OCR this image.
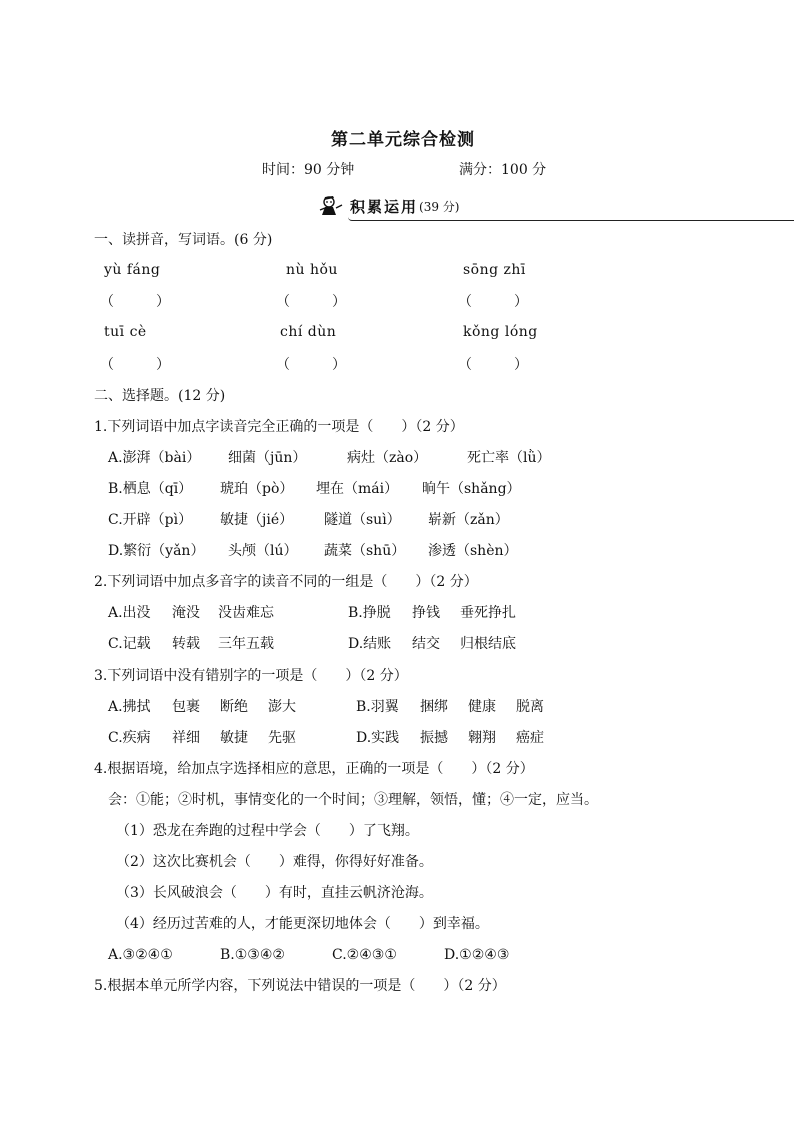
第二单元综合检测
时间：90 分钟	满分：100 分
积累运用 (39 分)
一、读拼音，写词语。(6 分)
yù fáng	nù hǒu	sōng zhī
（　　　）	（　　　）	（　　　）
tuī cè	chí dùn	kǒng lóng
（　　　）	（　　　）	（　　　）
二、选择题。(12 分)
1.下列词语中加点字读音完全正确的一项是（　　）（2 分）
A.澎湃（bài） 细菌（jūn）	病灶（zào）	死亡率（lǜ）
B.栖息（qī） 琥珀（pò） 埋在（mái） 晌午（shǎng）
C.开辟（pì） 敏捷（jié） 隧道（suì） 崭新（zǎn）
D.繁衍（yǎn） 头颅（lú） 蔬菜（shū） 渗透（shèn）
2.下列词语中加点多音字的读音不同的一组是（　　）（2 分）
A.出没 淹没 没齿难忘	B.挣脱 挣钱 垂死挣扎
C.记载 转载 三年五载	D.结账 结交 归根结底
3.下列词语中没有错别字的一项是（　　）（2 分）
A.拂拭 包裹 断绝 澎大	B.羽翼 捆绑 健康 脱离
C.疾病 祥细 敏捷 先驱	D.实践 振撼 翱翔 癌症
4.根据语境，给加点字选择相应的意思，正确的一项是（　　）（2 分）
会：①能；②时机，事情变化的一个时间；③理解，领悟，懂；④一定，应当。
（1）恐龙在奔跑的过程中学会（　　）了飞翔。
（2）这次比赛机会（　　）难得，你得好好准备。
（3）长风破浪会（　　）有时，直挂云帆济沧海。
（4）经历过苦难的人，才能更深切地体会（　　）到幸福。
A.③②④①	B.①③④②	C.②④③①	D.①②④③
5.根据本单元所学内容，下列说法中错误的一项是（　　）（2 分）
